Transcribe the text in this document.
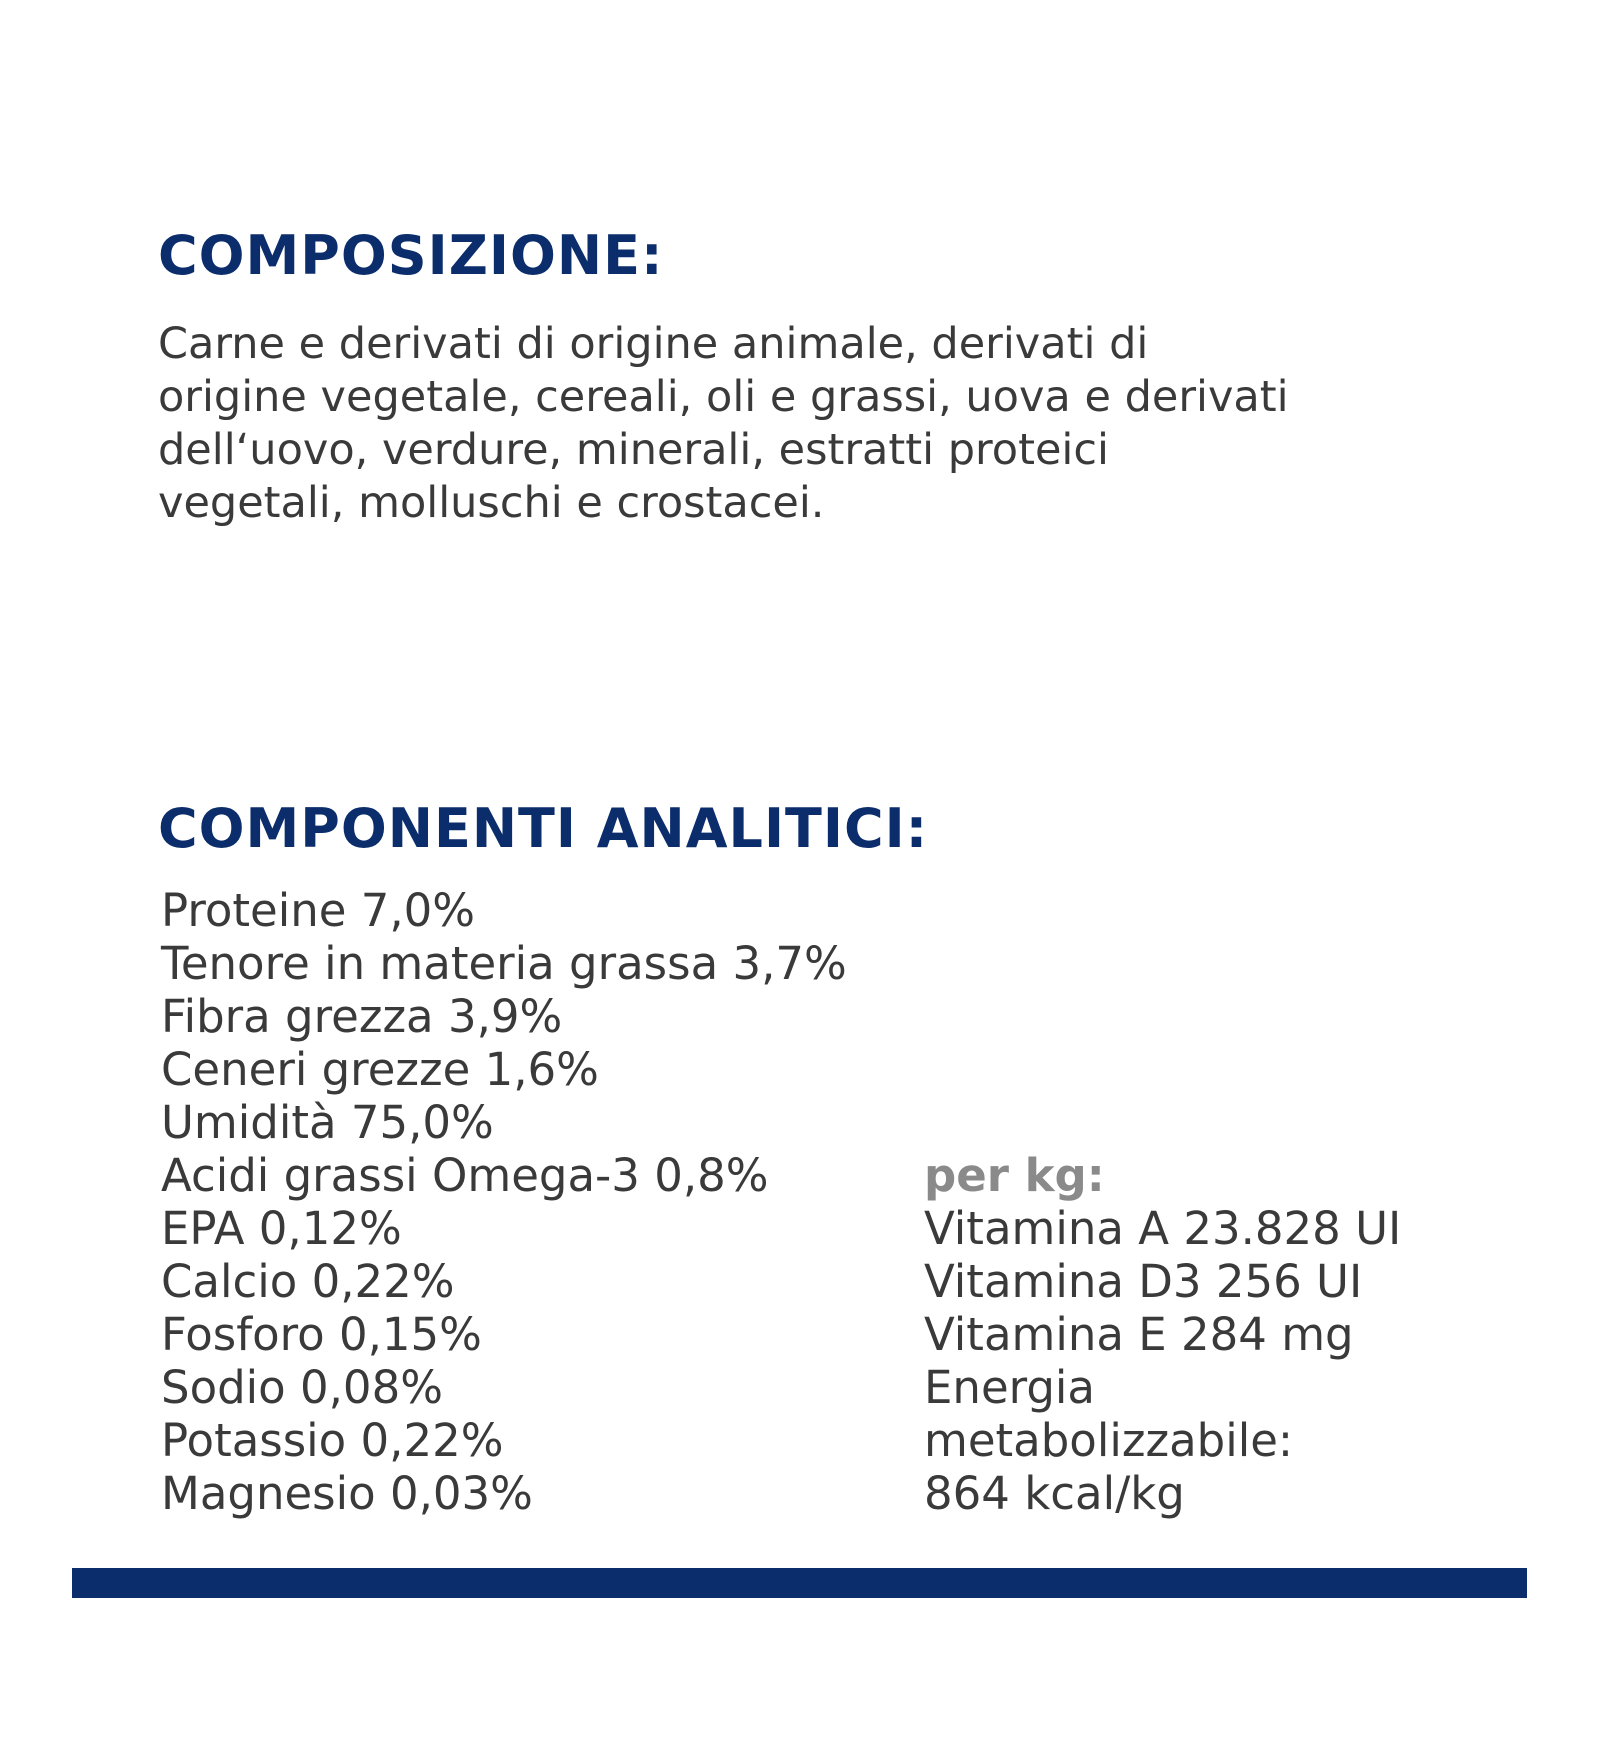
COMPOSIZIONE:

Carne e derivati di origine animale, derivati di
origine vegetale, cereali, oli e grassi, uova e derivati
dell‘uovo, verdure, minerali, estratti proteici
vegetali, molluschi e crostacei.

COMPONENTI ANALITICI:
Proteine 7,0%
Tenore in materia grassa 3,7%
Fibra grezza 3,9%
Ceneri grezze 1,6%
Umidità 75,0%
Acidi grassi Omega-3 0,8%
EPA 0,12%
Calcio 0,22%
Fosforo 0,15%
Sodio 0,08%
Potassio 0,22%
Magnesio 0,03%
per kg:
Vitamina A 23.828 UI
Vitamina D3 256 UI
Vitamina E 284 mg
Energia
metabolizzabile:
864 kcal/kg
